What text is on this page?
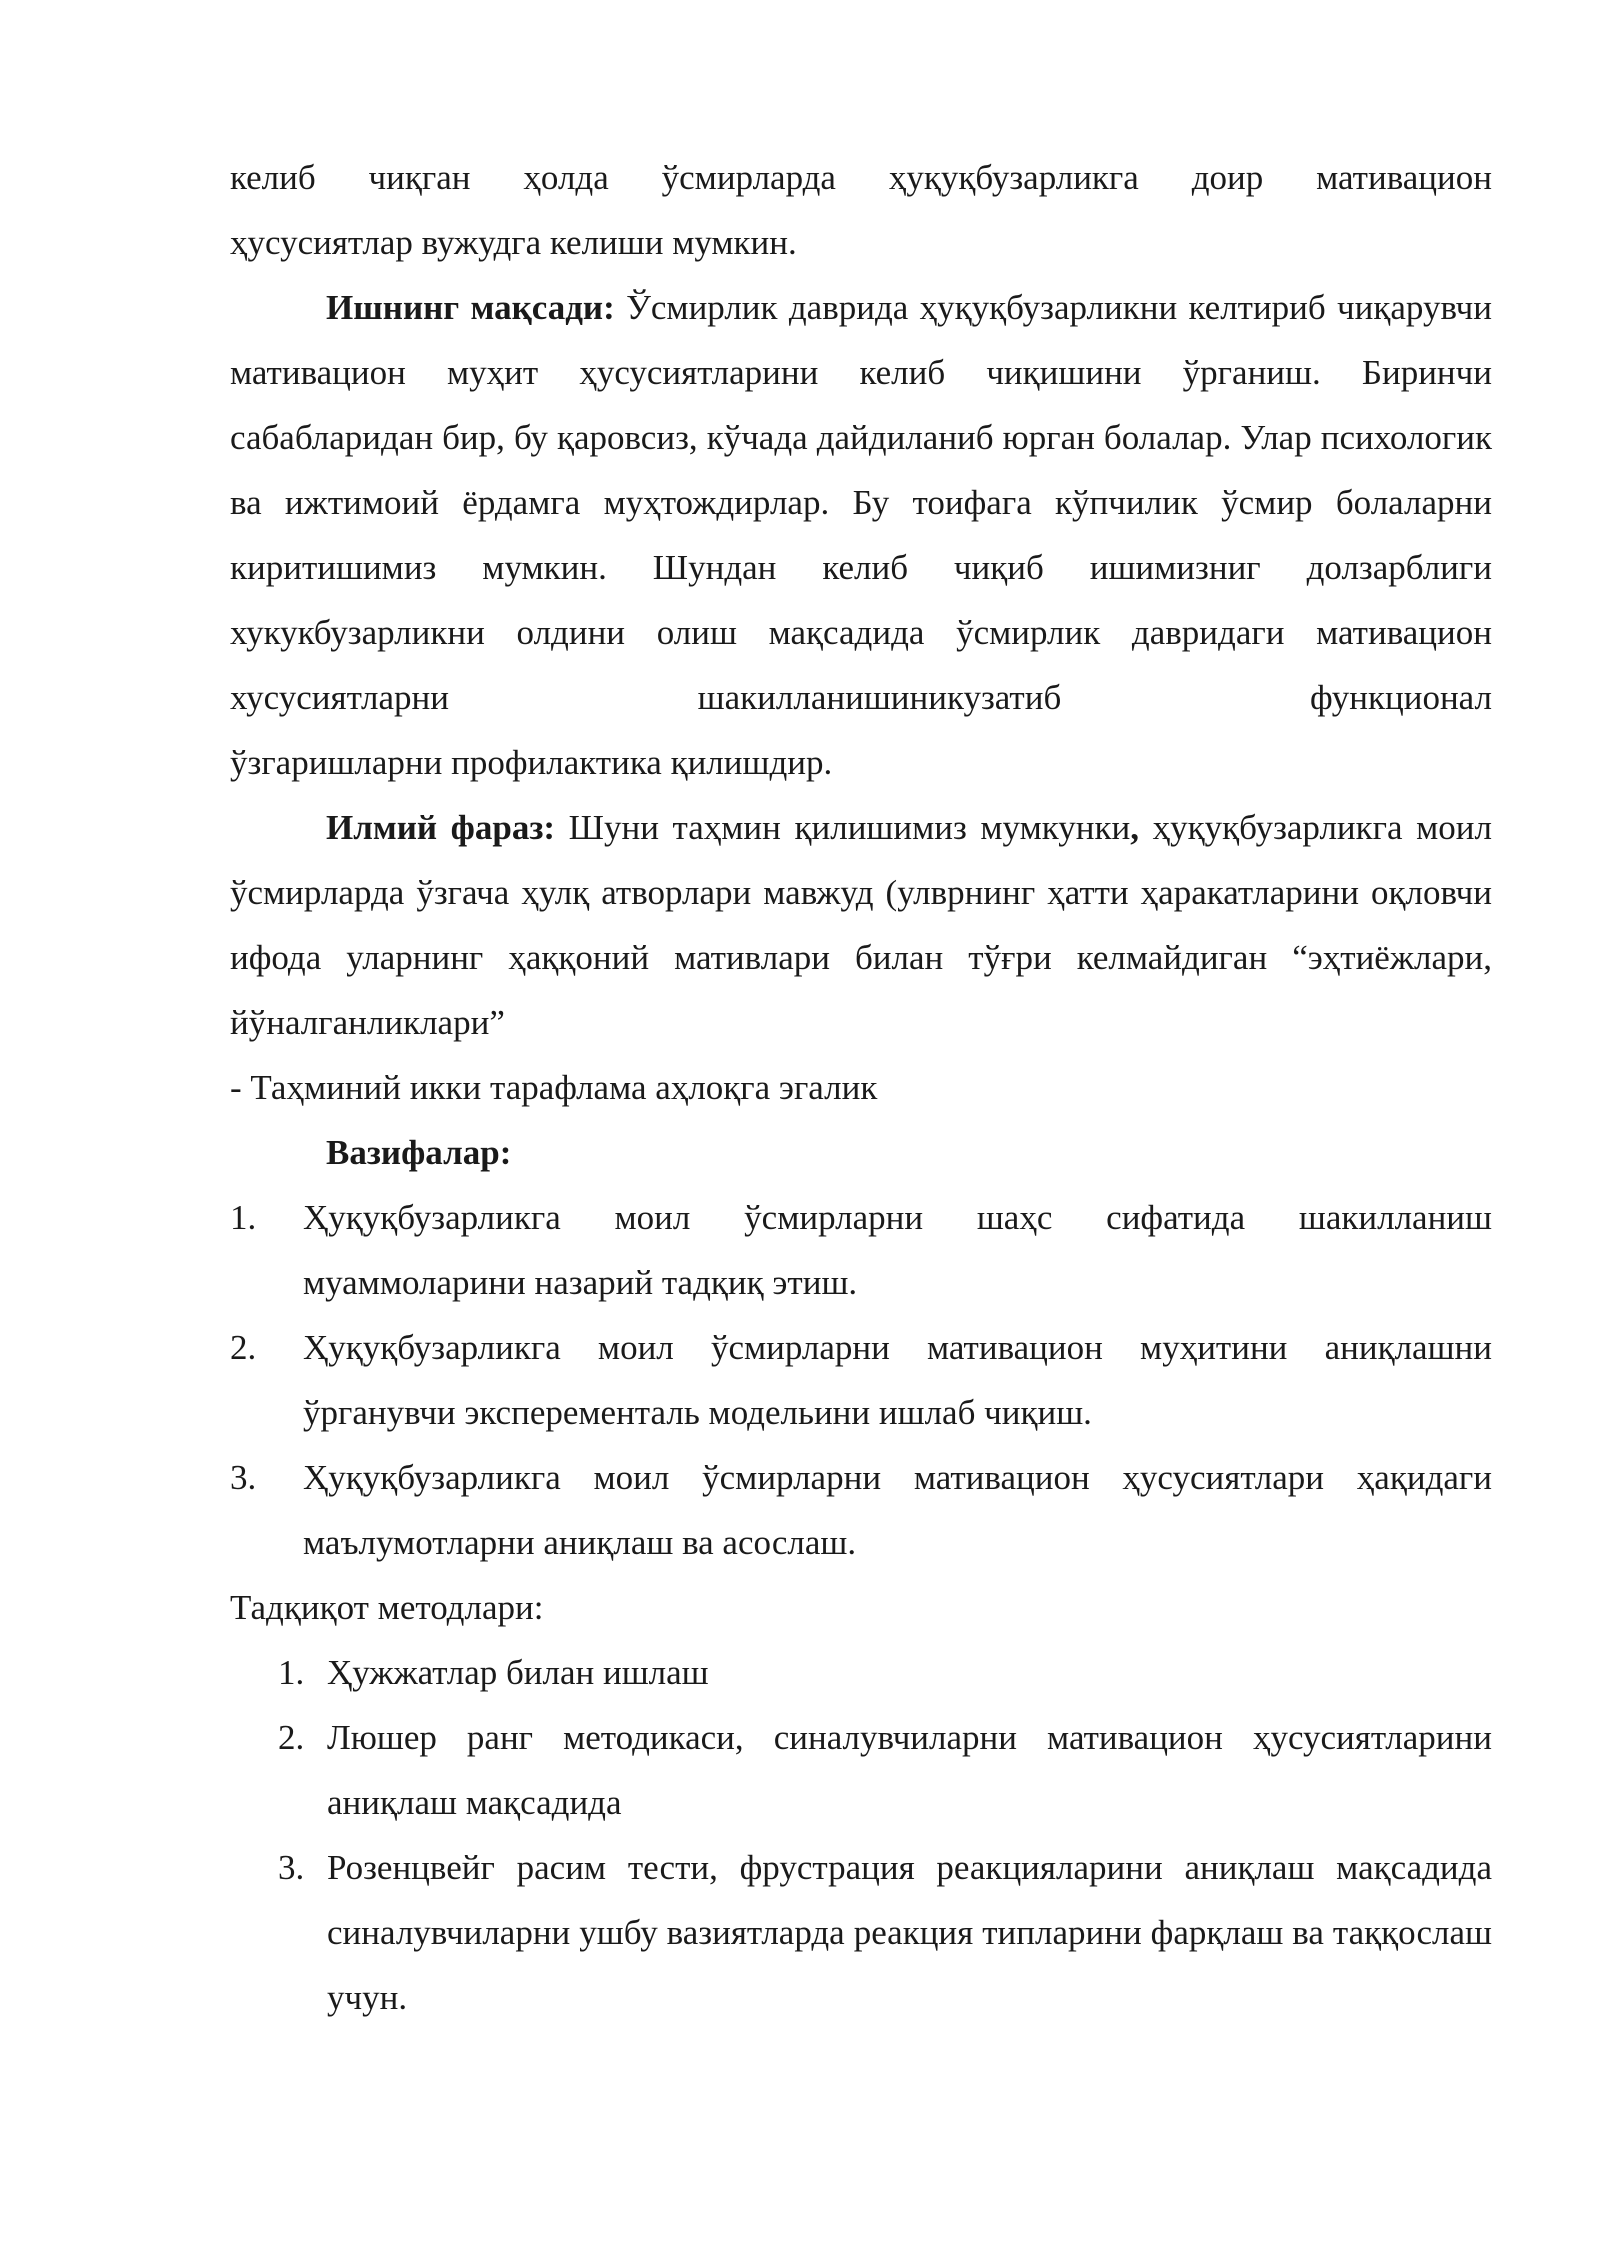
келиб чиқган ҳолда ўсмирларда ҳуқуқбузарликга доир мативацион

ҳусусиятлар вужудга келиши мумкин.

Ишнинг мақсади: Ўсмирлик даврида ҳуқуқбузарликни келтириб чиқарувчи мативацион муҳит ҳусусиятларини келиб чиқишини ўрганиш. Биринчи сабабларидан бир, бу қаровсиз, кўчада дайдиланиб юрган болалар. Улар психологик ва ижтимоий ёрдамга муҳтождирлар. Бу тоифага кўпчилик ўсмир болаларни киритишимиз мумкин. Шундан келиб чиқиб ишимизниг долзарблиги хукукбузарликни олдини олиш мақсадида ўсмирлик давридаги мативацион хусусиятларни шакилланишиникузатиб функционал

ўзгаришларни профилактика қилишдир.

Илмий фараз: Шуни таҳмин қилишимиз мумкунки, ҳуқуқбузарликга моил ўсмирларда ўзгача ҳулқ атворлари мавжуд (улврнинг ҳатти ҳаракатларини оқловчи ифода уларнинг ҳаққоний мативлари билан тўғри келмайдиган “эҳтиёжлари, йўналганликлари”

- Таҳминий икки тарафлама аҳлоқга эгалик

Вазифалар:

1. Ҳуқуқбузарликга моил ўсмирларни шаҳс сифатида шакилланиш муаммоларини назарий тадқиқ этиш.
2. Ҳуқуқбузарликга моил ўсмирларни мативацион муҳитини аниқлашни ўрганувчи эксперементаль модельини ишлаб чиқиш.
3. Ҳуқуқбузарликга моил ўсмирларни мативацион ҳусусиятлари ҳақидаги маълумотларни аниқлаш ва асослаш.

Тадқиқот методлари:

1. Ҳужжатлар билан ишлаш
2. Люшер ранг методикаси, синалувчиларни мативацион ҳусусиятларини аниқлаш мақсадида
3. Розенцвейг расим тести, фрустрация реакцияларини аниқлаш мақсадида синалувчиларни ушбу вазиятларда реакция типларини фарқлаш ва таққослаш учун.
